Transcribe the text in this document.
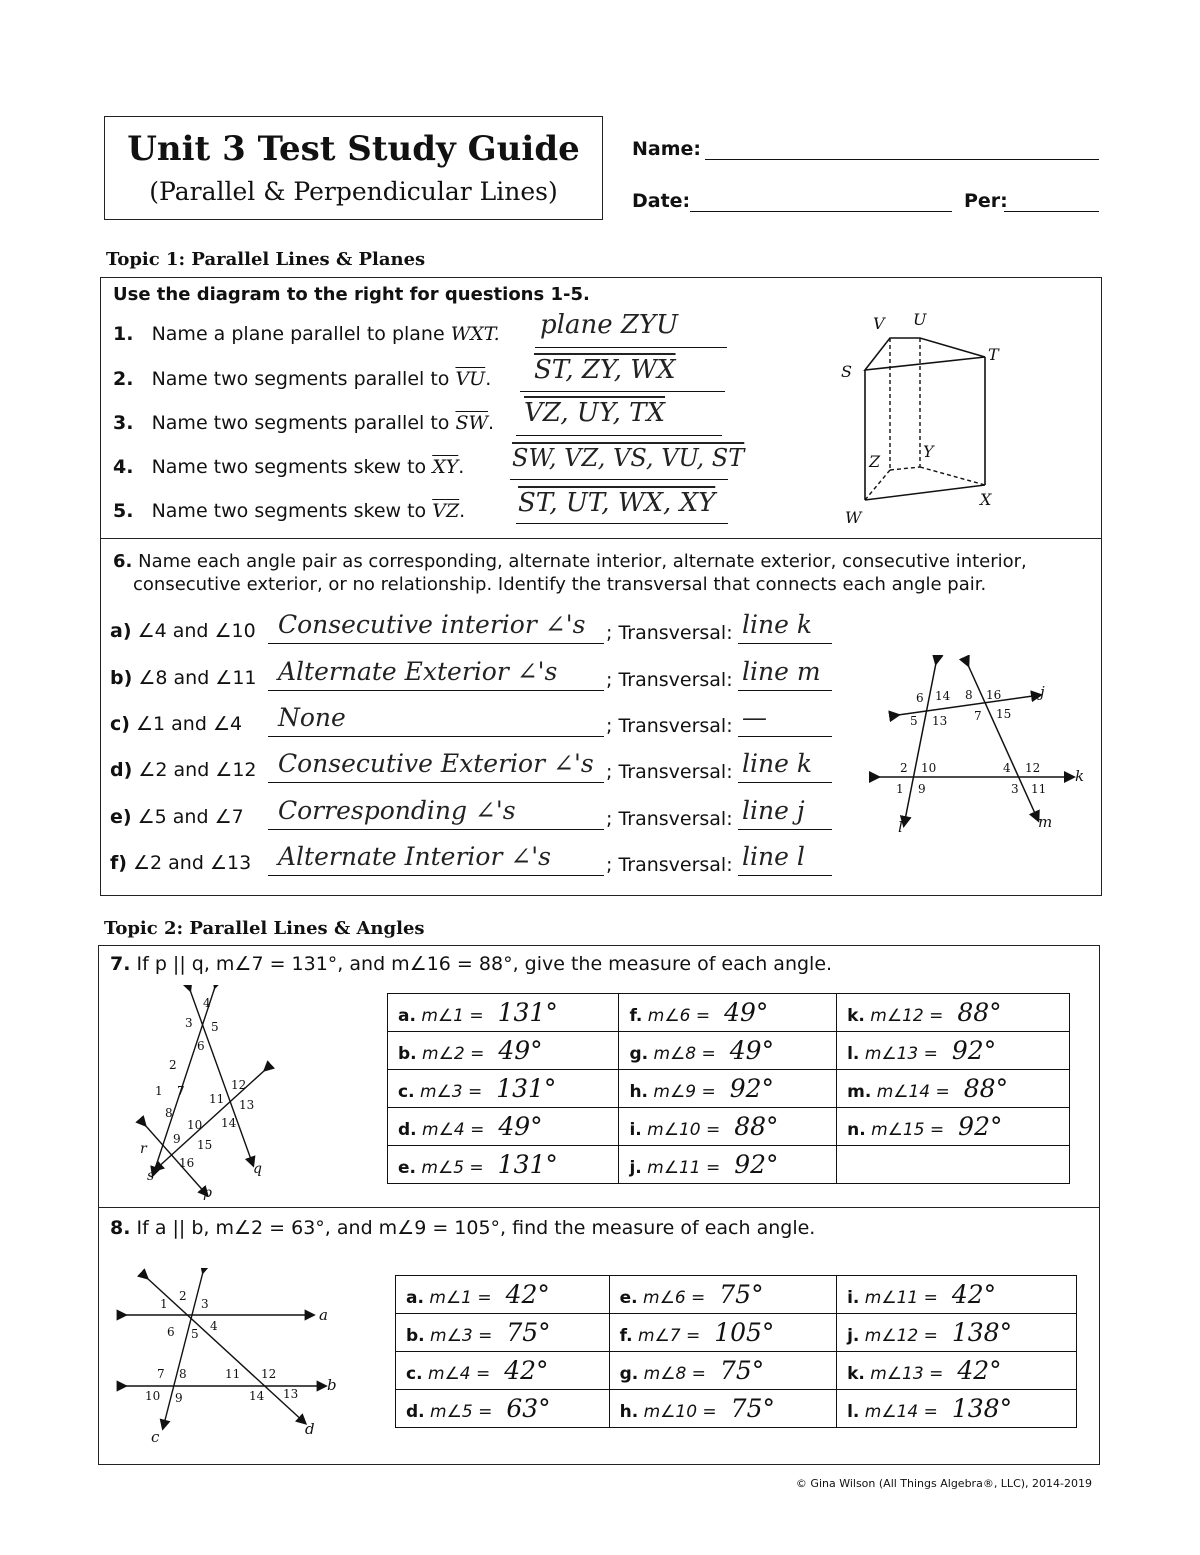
Unit 3 Test Study Guide
(Parallel & Perpendicular Lines)
Name:
Date:	Per:
Topic 1: Parallel Lines & Planes
Use the diagram to the right for questions 1-5.
1. Name a plane parallel to plane WXT. plane ZYU
2. Name two segments parallel to $\overline{VU}$. ST, ZY, WX
3. Name two segments parallel to $\overline{SW}$. VZ, UY, TX
4. Name two segments skew to $\overline{XY}$. SW, VZ, VS, VU, ST
5. Name two segments skew to $\overline{VZ}$. ST, UT, WX, XY
V U
S
T
Z
Y
W
X
6. Name each angle pair as corresponding, alternate interior, alternate exterior, consecutive interior,
consecutive exterior, or no relationship. Identify the transversal that connects each angle pair.
a) ∠4 and ∠10 Consecutive interior ∠'s ; Transversal: line k
b) ∠8 and ∠11 Alternate Exterior ∠'s	; Transversal: line m
c) ∠1 and ∠4 None	; Transversal: —
d) ∠2 and ∠12 Consecutive Exterior ∠'s ; Transversal: line k
e) ∠5 and ∠7 Corresponding ∠'s	; Transversal: line j
f) ∠2 and ∠13 Alternate Interior ∠'s	; Transversal: line l
j
k
l	m
6 14
5 13
8 16
7 15
2 10
1 9
4 12
3 11
Topic 2: Parallel Lines & Angles
7. If p || q, m∠7 = 131°, and m∠16 = 88°, give the measure of each angle.
4
3 5
6
2
1 7
8
11
12
13
14
10
9 15
16
r
s	q
p
a. m∠1 = 131°	f. m∠6 = 49°	k. m∠12 = 88°
b. m∠2 = 49°	g. m∠8 = 49°	l. m∠13 = 92°
c. m∠3 = 131°	h. m∠9 = 92°	m. m∠14 = 88°
d. m∠4 = 49°	i. m∠10 = 88°	n. m∠15 = 92°
e. m∠5 = 131°	j. m∠11 = 92°	
8. If a || b, m∠2 = 63°, and m∠9 = 105°, find the measure of each angle.
2
1	3
4
6 5
7 8	11 12
10 9	14 13
a
b
c	d
a. m∠1 = 42°	e. m∠6 = 75°	i. m∠11 = 42°
b. m∠3 = 75°	f. m∠7 = 105°	j. m∠12 = 138°
c. m∠4 = 42°	g. m∠8 = 75°	k. m∠13 = 42°
d. m∠5 = 63°	h. m∠10 = 75°	l. m∠14 = 138°
© Gina Wilson (All Things Algebra®, LLC), 2014-2019
